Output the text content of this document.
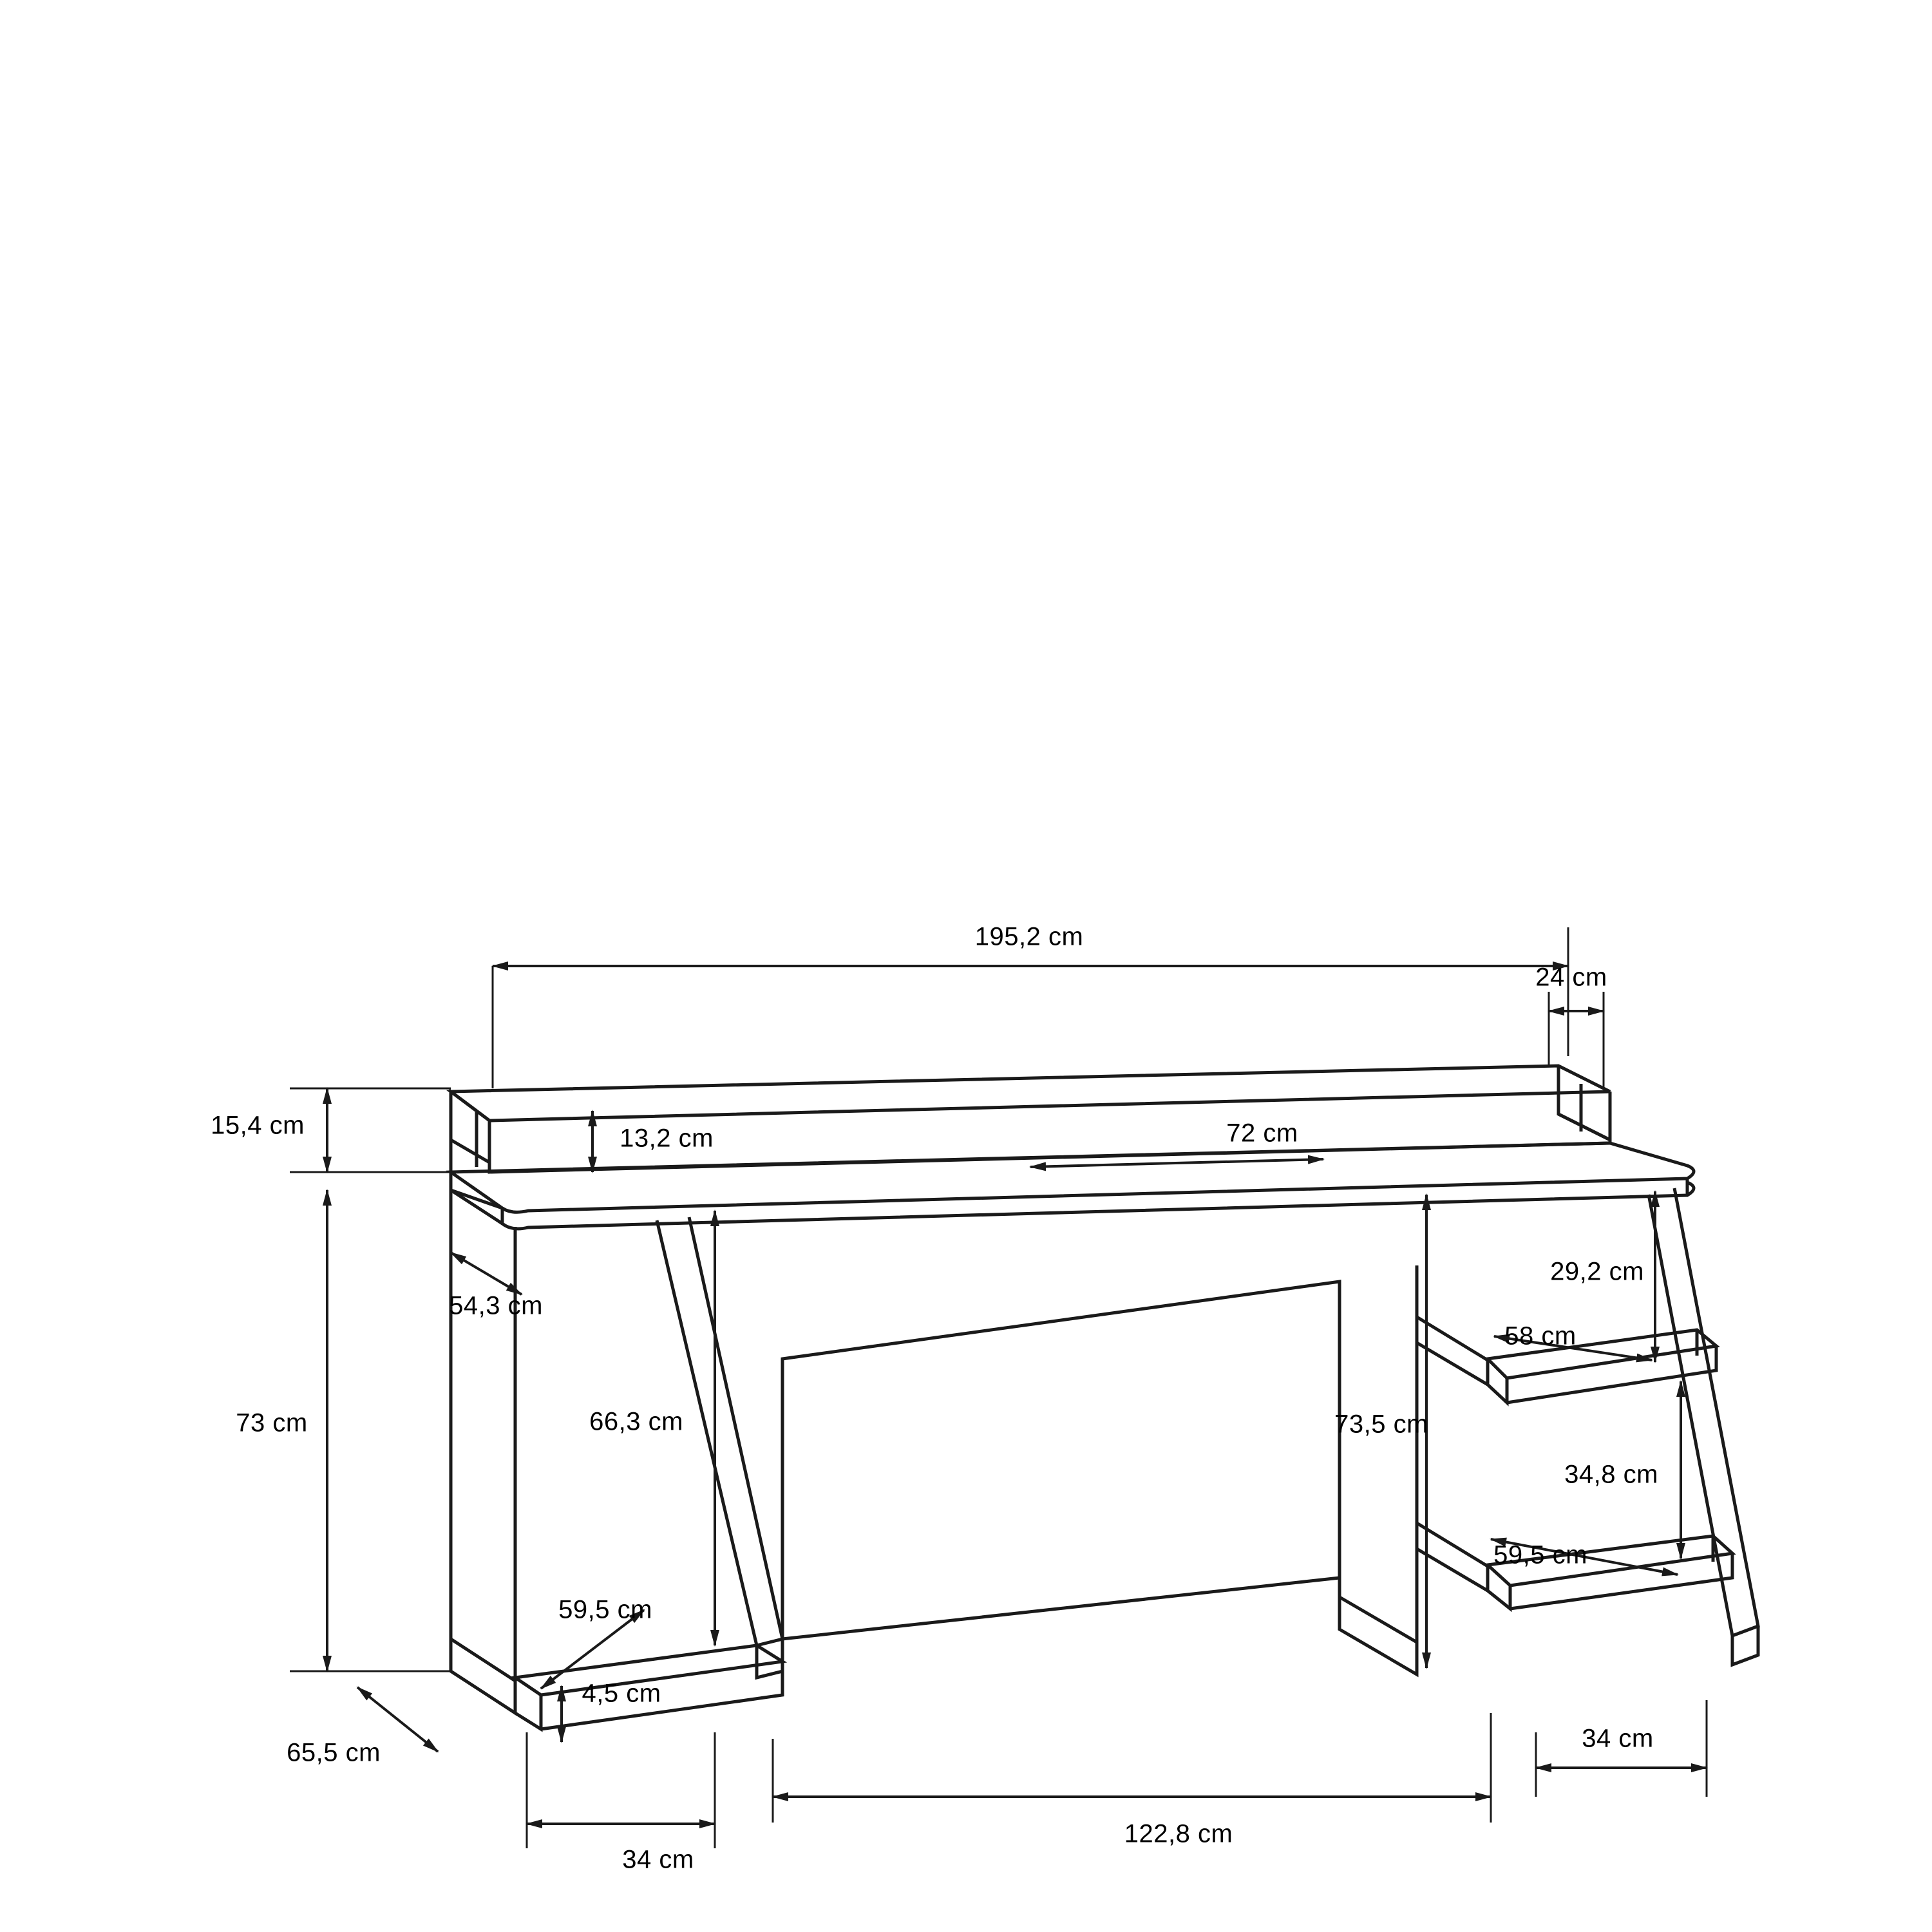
195,2 cm
24 cm
15,4 cm	13,2 cm	72 cm
73 cm
54,3 cm
66,3 cm
59,5 cm
4,5 cm
65,5 cm
73,5 cm
29,2 cm
58 cm
34,8 cm
59,5 cm
34 cm
122,8 cm
34 cm
